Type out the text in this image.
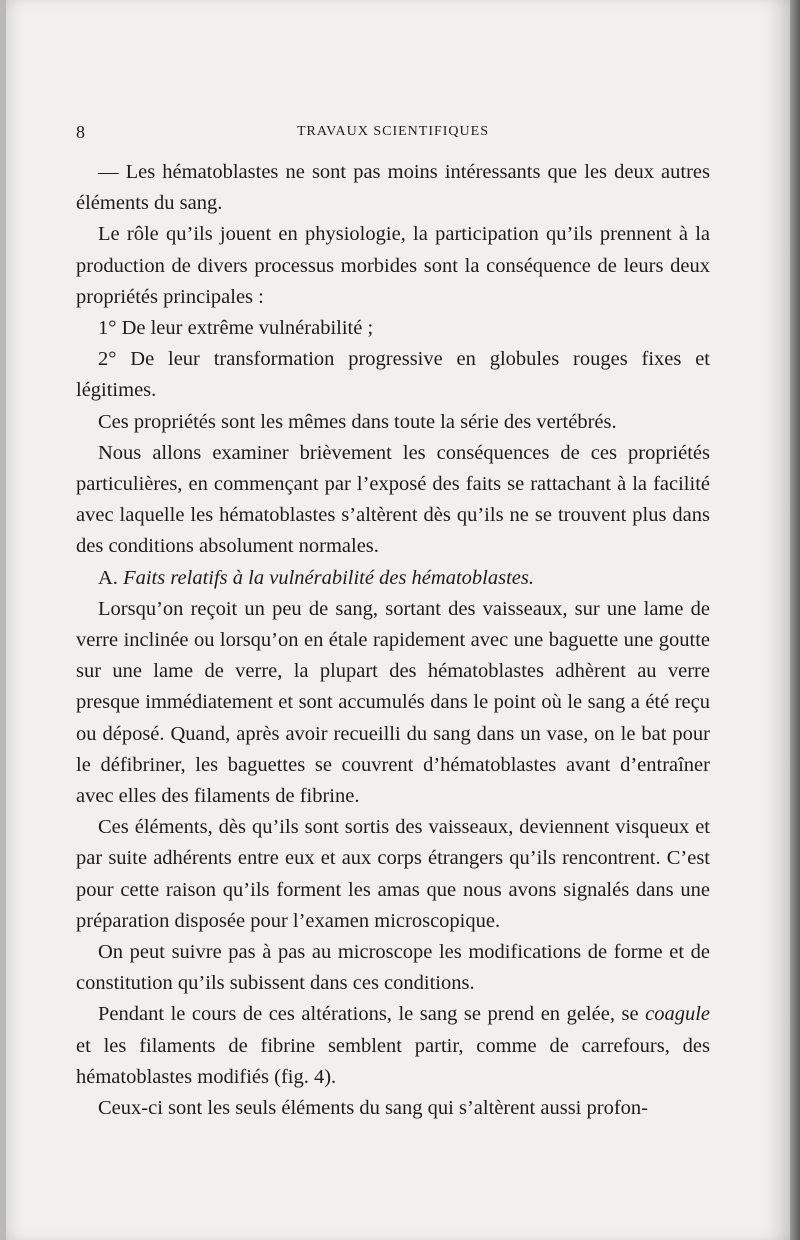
8	TRAVAUX SCIENTIFIQUES

— Les hématoblastes ne sont pas moins intéressants que les deux autres éléments du sang.

Le rôle qu’ils jouent en physiologie, la participation qu’ils prennent à la production de divers processus morbides sont la conséquence de leurs deux propriétés principales :

1° De leur extrême vulnérabilité ;

2° De leur transformation progressive en globules rouges fixes et légitimes.

Ces propriétés sont les mêmes dans toute la série des vertébrés.

Nous allons examiner brièvement les conséquences de ces propriétés particulières, en commençant par l’exposé des faits se rattachant à la facilité avec laquelle les hématoblastes s’altèrent dès qu’ils ne se trouvent plus dans des conditions absolument normales.

A. Faits relatifs à la vulnérabilité des hématoblastes.

Lorsqu’on reçoit un peu de sang, sortant des vaisseaux, sur une lame de verre inclinée ou lorsqu’on en étale rapidement avec une baguette une goutte sur une lame de verre, la plupart des hématoblastes adhèrent au verre presque immédiatement et sont accumulés dans le point où le sang a été reçu ou déposé. Quand, après avoir recueilli du sang dans un vase, on le bat pour le défibriner, les baguettes se couvrent d’hématoblastes avant d’entraîner avec elles des filaments de fibrine.

Ces éléments, dès qu’ils sont sortis des vaisseaux, deviennent visqueux et par suite adhérents entre eux et aux corps étrangers qu’ils rencontrent. C’est pour cette raison qu’ils forment les amas que nous avons signalés dans une préparation disposée pour l’examen microscopique.

On peut suivre pas à pas au microscope les modifications de forme et de constitution qu’ils subissent dans ces conditions.

Pendant le cours de ces altérations, le sang se prend en gelée, se coagule et les filaments de fibrine semblent partir, comme de carrefours, des hématoblastes modifiés (fig. 4).

Ceux-ci sont les seuls éléments du sang qui s’altèrent aussi profon-
